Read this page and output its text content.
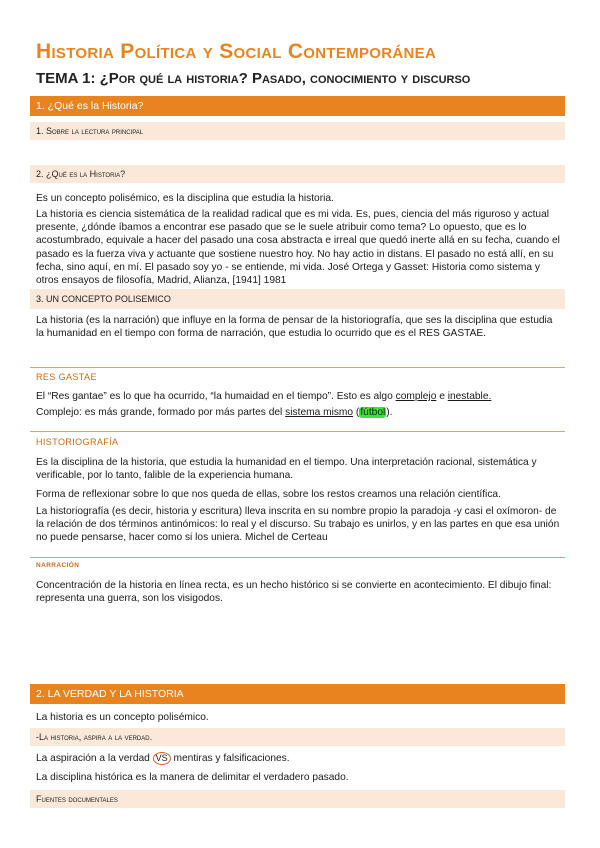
Historia Política y Social Contemporánea
TEMA 1: ¿Por qué la historia? Pasado, conocimiento y discurso
1. ¿Qué es la Historia?
1. Sobre la lectura principal
2. ¿Qué es la Historia?
Es un concepto polisémico, es la disciplina que estudia la historia.
La historia es ciencia sistemática de la realidad radical que es mi vida. Es, pues, ciencia del más riguroso y actual presente, ¿dónde íbamos a encontrar ese pasado que se le suele atribuir como tema? Lo opuesto, que es lo acostumbrado, equivale a hacer del pasado una cosa abstracta e irreal que quedó inerte allá en su fecha, cuando el pasado es la fuerza viva y actuante que sostiene nuestro hoy. No hay actio in distans. El pasado no está allí, en su fecha, sino aquí, en mí. El pasado soy yo - se entiende, mi vida. José Ortega y Gasset: Historia como sistema y otros ensayos de filosofía, Madrid, Alianza, [1941] 1981
3. UN CONCEPTO POLISEMICO
La historia (es la narración) que influye en la forma de pensar de la historiografía, que ses la disciplina que estudia la humanidad en el tiempo con forma de narración, que estudia lo ocurrido que es el RES GASTAE.
RES GASTAE
El “Res gantae” es lo que ha ocurrido, “la humaidad en el tiempo”. Esto es algo complejo e inestable.
Complejo: es más grande, formado por más partes del sistema mismo (fútbol).
HISTORIOGRAFÍA
Es la disciplina de la historia, que estudia la humanidad en el tiempo. Una interpretación racional, sistemática y verificable, por lo tanto, falible de la experiencia humana.
Forma de reflexionar sobre lo que nos queda de ellas, sobre los restos creamos una relación científica.
La historiografía (es decir, historia y escritura) lleva inscrita en su nombre propio la paradoja -y casi el oxímoron- de la relación de dos términos antinómicos: lo real y el discurso. Su trabajo es unirlos, y en las partes en que esa unión no puede pensarse, hacer como si los uniera. Michel de Certeau
NARRACIÓN
Concentración de la historia en línea recta, es un hecho histórico si se convierte en acontecimiento. El dibujo final: representa una guerra, son los visigodos.
2. LA VERDAD Y LA HISTORIA
La historia es un concepto polisémico.
-La historia, aspira a la verdad.
La aspiración a la verdad VS mentiras y falsificaciones.
La disciplina histórica es la manera de delimitar el verdadero pasado.
Fuentes documentales
